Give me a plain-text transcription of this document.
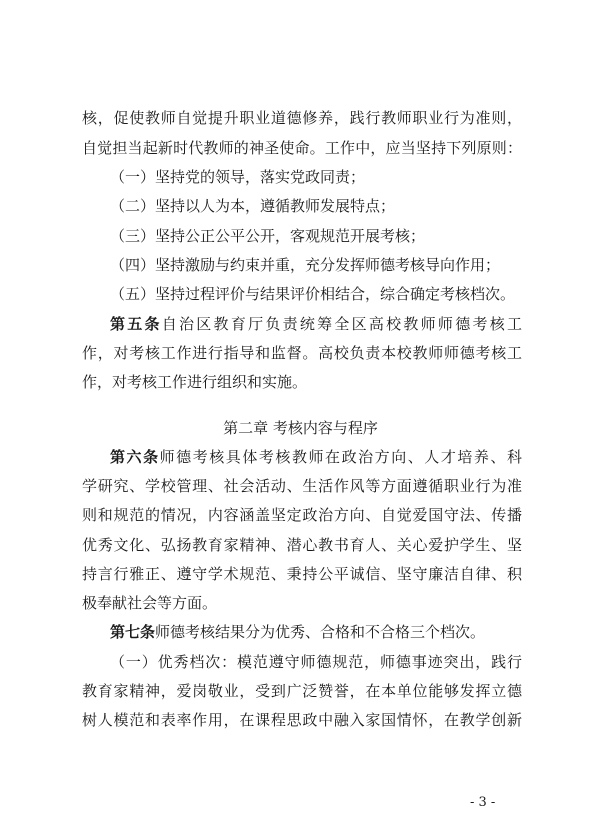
核，促使教师自觉提升职业道德修养，践行教师职业行为准则，
自觉担当起新时代教师的神圣使命。工作中，应当坚持下列原则：
（一）坚持党的领导，落实党政同责；
（二）坚持以人为本，遵循教师发展特点；
（三）坚持公正公平公开，客观规范开展考核；
（四）坚持激励与约束并重，充分发挥师德考核导向作用；
（五）坚持过程评价与结果评价相结合，综合确定考核档次。
第五条自治区教育厅负责统筹全区高校教师师德考核工
作，对考核工作进行指导和监督。高校负责本校教师师德考核工
作，对考核工作进行组织和实施。
第二章 考核内容与程序
第六条师德考核具体考核教师在政治方向、人才培养、科
学研究、学校管理、社会活动、生活作风等方面遵循职业行为准
则和规范的情况，内容涵盖坚定政治方向、自觉爱国守法、传播
优秀文化、弘扬教育家精神、潜心教书育人、关心爱护学生、坚
持言行雅正、遵守学术规范、秉持公平诚信、坚守廉洁自律、积
极奉献社会等方面。
第七条师德考核结果分为优秀、合格和不合格三个档次。
（一）优秀档次：模范遵守师德规范，师德事迹突出，践行
教育家精神，爱岗敬业，受到广泛赞誉，在本单位能够发挥立德
树人模范和表率作用，在课程思政中融入家国情怀，在教学创新
- 3 -
